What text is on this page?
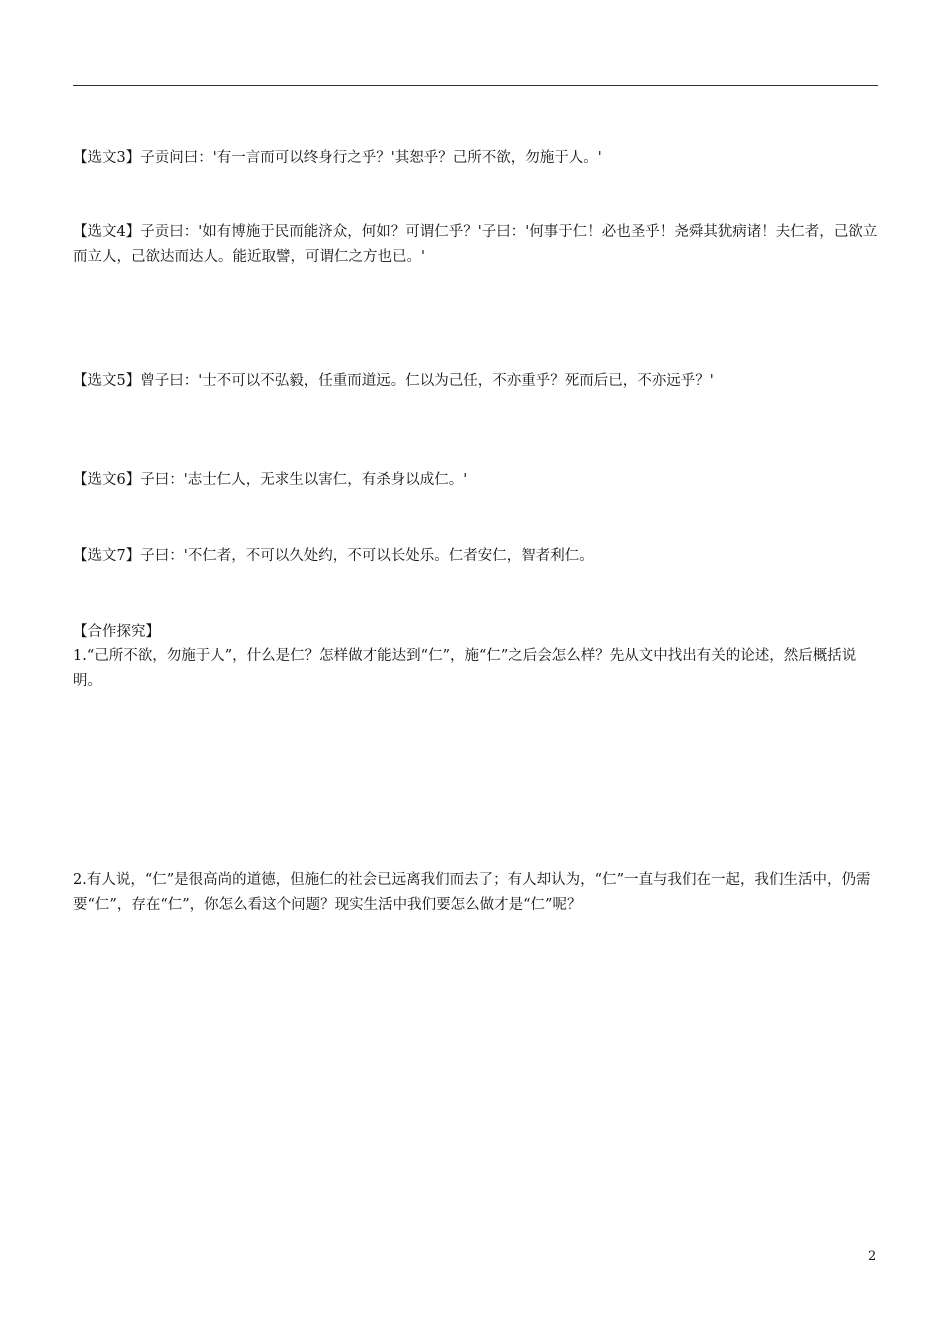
【选文3】子贡问曰：'有一言而可以终身行之乎？'其恕乎？己所不欲，勿施于人。'

【选文4】子贡曰：'如有博施于民而能济众，何如？可谓仁乎？'子曰：'何事于仁！必也圣乎！尧舜其犹病诸！夫仁者，己欲立而立人，己欲达而达人。能近取譬，可谓仁之方也已。'

【选文5】曾子曰：'士不可以不弘毅，任重而道远。仁以为己任，不亦重乎？死而后已，不亦远乎？'

【选文6】子曰：'志士仁人，无求生以害仁，有杀身以成仁。'

【选文7】子曰：'不仁者，不可以久处约，不可以长处乐。仁者安仁，智者利仁。

【合作探究】

1.“己所不欲，勿施于人”，什么是仁？怎样做才能达到“仁”，施“仁”之后会怎么样？先从文中找出有关的论述，然后概括说明。

2.有人说，“仁”是很高尚的道德，但施仁的社会已远离我们而去了；有人却认为，“仁”一直与我们在一起，我们生活中，仍需要“仁”，存在“仁”，你怎么看这个问题？现实生活中我们要怎么做才是“仁”呢？

2
